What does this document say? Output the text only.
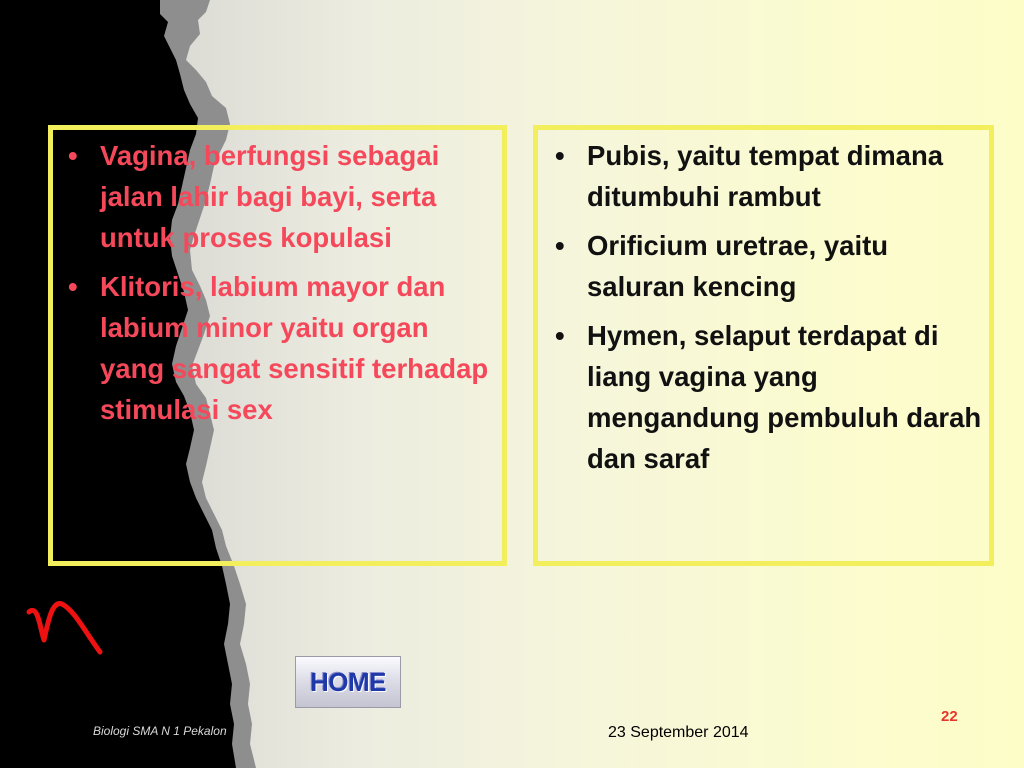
• Vagina, berfungsi sebagai jalan lahir bagi bayi, serta untuk proses kopulasi
• Klitoris, labium mayor dan labium minor yaitu organ yang sangat sensitif terhadap stimulasi sex
• Pubis, yaitu tempat dimana ditumbuhi rambut
• Orificium uretrae, yaitu saluran kencing
• Hymen, selaput terdapat di liang vagina yang mengandung pembuluh darah dan saraf
HOME
Biologi SMA N 1 Pekalon	23 September 2014
22
